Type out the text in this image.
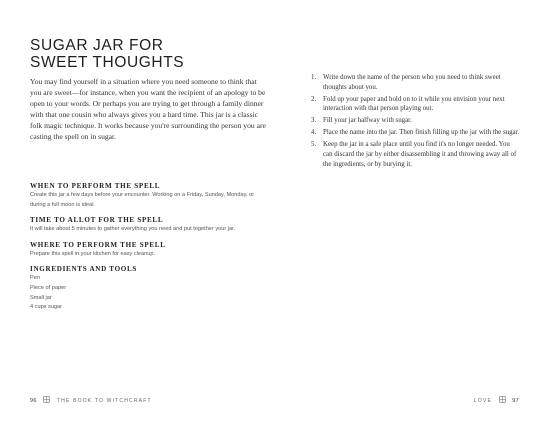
SUGAR JAR FOR
SWEET THOUGHTS

You may find yourself in a situation where you need someone to think that you are sweet—for instance, when you want the recipient of an apology to be open to your words. Or perhaps you are trying to get through a family dinner with that one cousin who always gives you a hard time. This jar is a classic folk magic technique. It works because you're surrounding the person you are casting the spell on in sugar.

WHEN TO PERFORM THE SPELL

Create this jar a few days before your encounter. Working on a Friday, Sunday, Monday, or during a full moon is ideal.

TIME TO ALLOT FOR THE SPELL

It will take about 5 minutes to gather everything you need and put together your jar.

WHERE TO PERFORM THE SPELL

Prepare this spell in your kitchen for easy cleanup.

INGREDIENTS AND TOOLS
Pen
Piece of paper
Small jar
4 cups sugar
96	THE BOOK TO WITCHCRAFT
1. Write down the name of the person who you need to think sweet thoughts about you.
2. Fold up your paper and hold on to it while you envision your next interaction with that person playing out.
3. Fill your jar halfway with sugar.
4. Place the name into the jar. Then finish filling up the jar with the sugar.
5. Keep the jar in a safe place until you find it's no longer needed. You can discard the jar by either disassembling it and throwing away all of the ingredients, or by burying it.
LOVE	97
